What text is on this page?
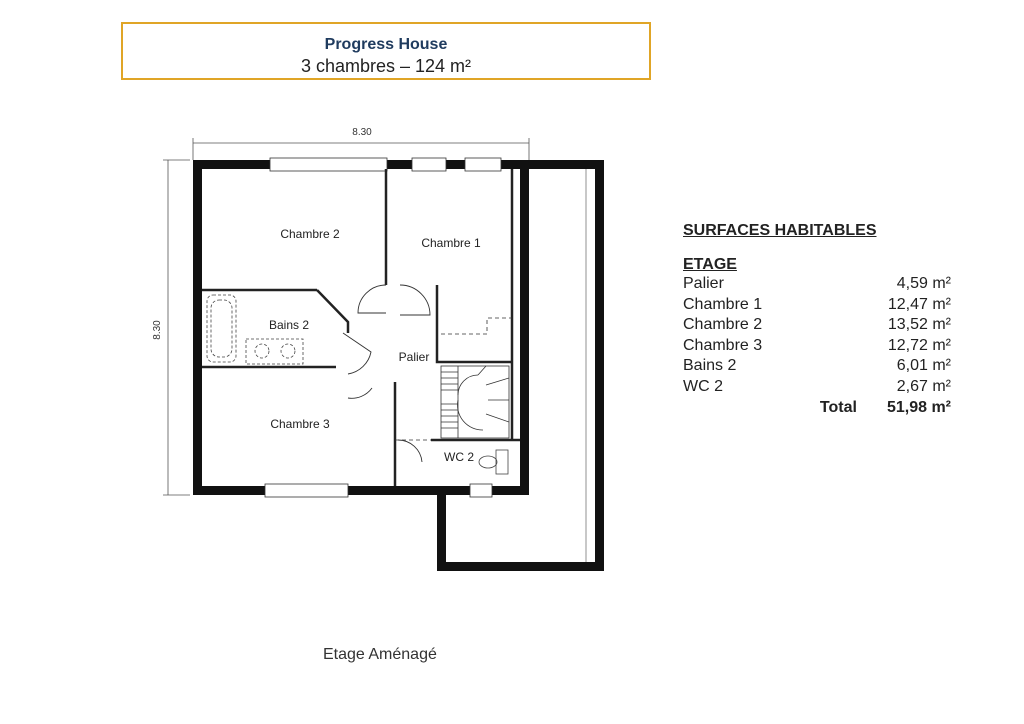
Progress House
3 chambres – 124 m²
8.30
8.30
Chambre 2
Chambre 1
Bains 2
Palier
Chambre 3
WC 2
SURFACES HABITABLES
ETAGE
Palier	4,59 m²
Chambre 1	12,47 m²
Chambre 2	13,52 m²
Chambre 3	12,72 m²
Bains 2	6,01 m²
WC 2	2,67 m²
Total 51,98 m²
Etage Aménagé
